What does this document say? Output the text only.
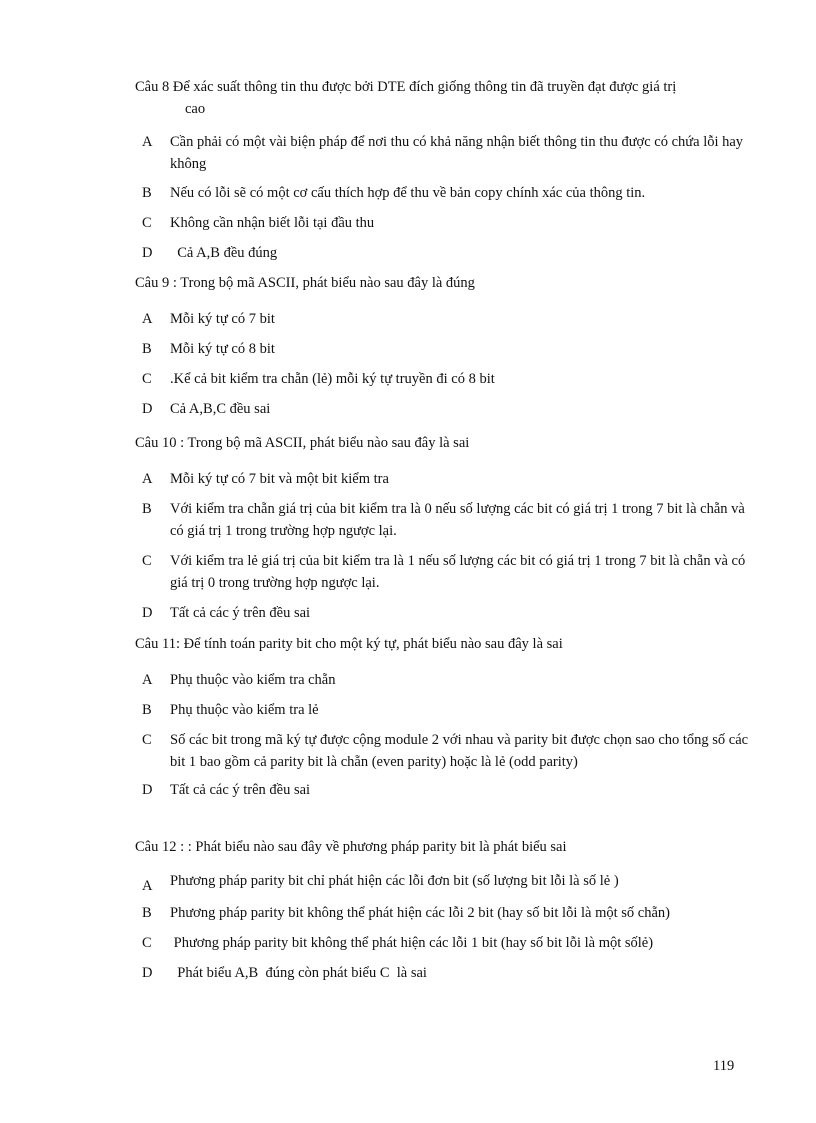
Câu 8 Để xác suất thông tin thu được bởi DTE đích giống thông tin đã truyền đạt được giá trị
cao
A	Cần phải có một vài biện pháp để nơi thu có khả năng nhận biết thông tin thu được có chứa lỗi hay không
B	Nếu có lỗi sẽ có một cơ cấu thích hợp để thu về bản copy chính xác của thông tin.
C	Không cần nhận biết lỗi tại đầu thu
D	Cả A,B đều đúng
Câu 9 : Trong bộ mã ASCII, phát biểu nào sau đây là đúng
A	Mỗi ký tự có 7 bit
B	Mỗi ký tự có 8 bit
C	.Kể cả bit kiểm tra chẵn (lẻ) mỗi ký tự truyền đi có 8 bit
D	Cả A,B,C đều sai
Câu 10 : Trong bộ mã ASCII, phát biểu nào sau đây là sai
A	Mỗi ký tự có 7 bit và một bit kiểm tra
B	Với kiểm tra chẵn giá trị của bit kiểm tra là 0 nếu số lượng các bit có giá trị 1 trong 7 bit là chẵn và có giá trị 1 trong trường hợp ngược lại.
C	Với kiểm tra lẻ giá trị của bit kiểm tra là 1 nếu số lượng các bit có giá trị 1 trong 7 bit là chẵn và có giá trị 0 trong trường hợp ngược lại.
D	Tất cả các ý trên đều sai
Câu 11: Để tính toán parity bit cho một ký tự, phát biểu nào sau đây là sai
A	Phụ thuộc vào kiểm tra chẵn
B	Phụ thuộc vào kiểm tra lẻ
C	Số các bit trong mã ký tự được cộng module 2 với nhau và parity bit được chọn sao cho tổng số các bit 1 bao gồm cả parity bit là chẵn (even parity) hoặc là lẻ (odd parity)
D	Tất cả các ý trên đều sai
Câu 12 : : Phát biểu nào sau đây về phương pháp parity bit là phát biểu sai
A	Phương pháp parity bit chỉ phát hiện các lỗi đơn bit (số lượng bit lỗi là số lẻ )
B	Phương pháp parity bit không thể phát hiện các lỗi 2 bit (hay số bit lỗi là một số chẵn)
C	Phương pháp parity bit không thể phát hiện các lỗi 1 bit (hay số bit lỗi là một sốlẻ)
D	Phát biểu A,B  đúng còn phát biểu C  là sai
119
